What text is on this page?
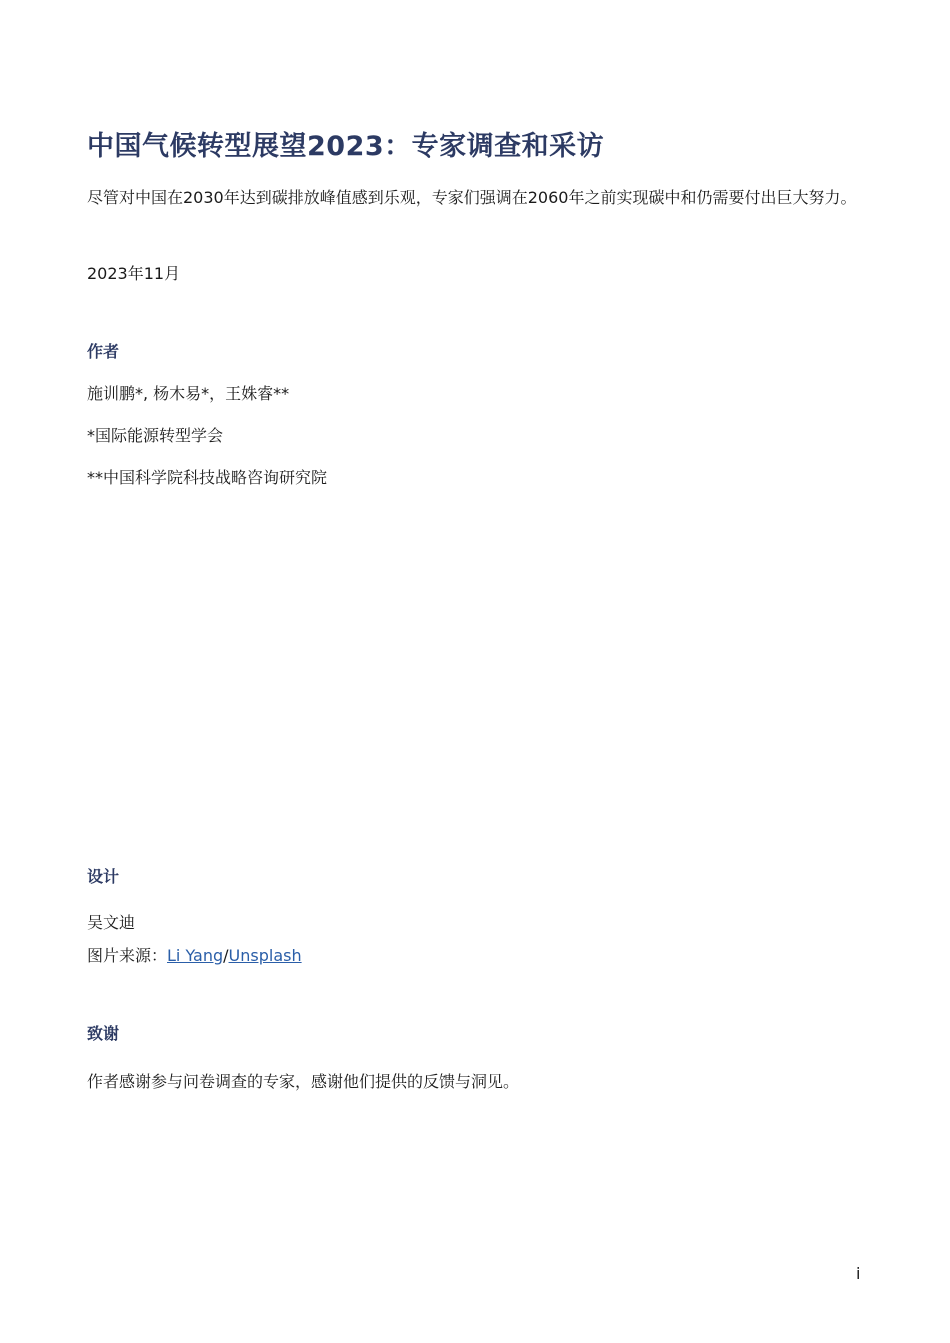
中国气候转型展望2023：专家调查和采访
尽管对中国在2030年达到碳排放峰值感到乐观，专家们强调在2060年之前实现碳中和仍需要付出巨大努力。
2023年11月
作者
施训鹏*, 杨木易*，王姝睿**
*国际能源转型学会
**中国科学院科技战略咨询研究院
设计
吴文迪
图片来源：Li Yang/Unsplash
致谢
作者感谢参与问卷调查的专家，感谢他们提供的反馈与洞见。
i
